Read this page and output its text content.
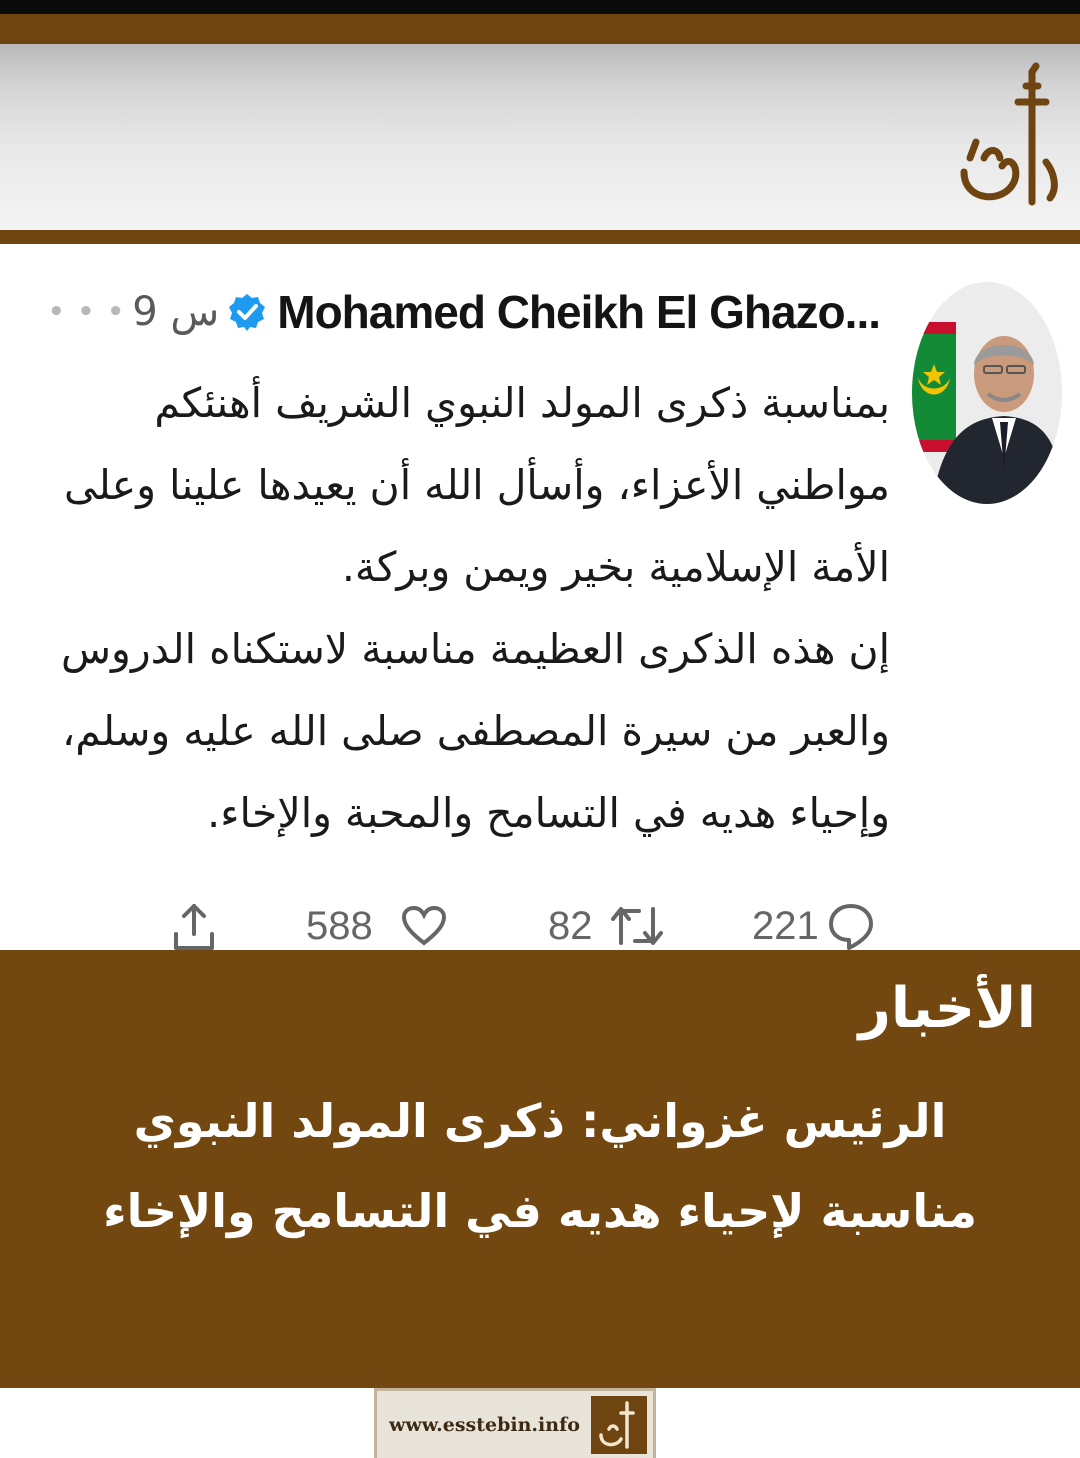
• • • 9 س Mohamed Cheikh El Ghazo...

بمناسبة ذكرى المولد النبوي الشريف أهنئكم

مواطني الأعزاء، وأسأل الله أن يعيدها علينا وعلى

الأمة الإسلامية بخير ويمن وبركة.

إن هذه الذكرى العظيمة مناسبة لاستكناه الدروس

والعبر من سيرة المصطفى صلى الله عليه وسلم،

وإحياء هديه في التسامح والمحبة والإخاء.

588	82	221
الأخبار

الرئيس غزواني: ذكرى المولد النبوي

مناسبة لإحياء هديه في التسامح والإخاء

www.esstebin.info
